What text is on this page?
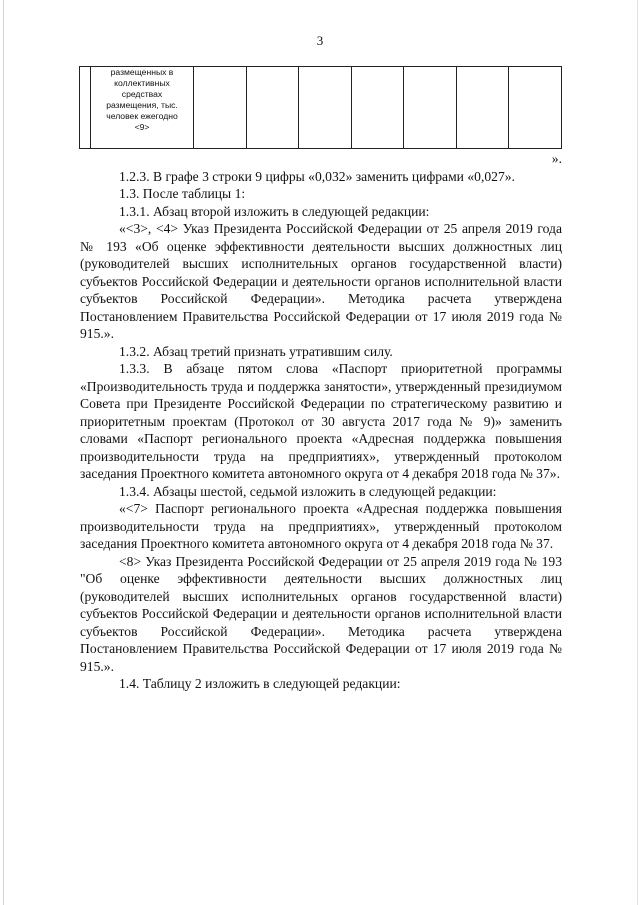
3

размещенных в
коллективных
средствах
размещения, тыс.
человек ежегодно
<9>

».

1.2.3. В графе 3 строки 9 цифры «0,032» заменить цифрами «0,027».

1.3. После таблицы 1:

1.3.1. Абзац второй изложить в следующей редакции:

«<3>, <4> Указ Президента Российской Федерации от 25 апреля 2019 года № 193 «Об оценке эффективности деятельности высших должностных лиц (руководителей высших исполнительных органов государственной власти) субъектов Российской Федерации и деятельности органов исполнительной власти субъектов Российской Федерации». Методика расчета утверждена Постановлением Правительства Российской Федерации от 17 июля 2019 года № 915.».

1.3.2. Абзац третий признать утратившим силу.

1.3.3. В абзаце пятом слова «Паспорт приоритетной программы «Производительность труда и поддержка занятости», утвержденный президиумом Совета при Президенте Российской Федерации по стратегическому развитию и приоритетным проектам (Протокол от 30 августа 2017 года № 9)» заменить словами «Паспорт регионального проекта «Адресная поддержка повышения производительности труда на предприятиях», утвержденный протоколом заседания Проектного комитета автономного округа от 4 декабря 2018 года № 37».

1.3.4. Абзацы шестой, седьмой изложить в следующей редакции:

«<7> Паспорт регионального проекта «Адресная поддержка повышения производительности труда на предприятиях», утвержденный протоколом заседания Проектного комитета автономного округа от 4 декабря 2018 года № 37.

<8> Указ Президента Российской Федерации от 25 апреля 2019 года № 193 "Об оценке эффективности деятельности высших должностных лиц (руководителей высших исполнительных органов государственной власти) субъектов Российской Федерации и деятельности органов исполнительной власти субъектов Российской Федерации». Методика расчета утверждена Постановлением Правительства Российской Федерации от 17 июля 2019 года № 915.».

1.4. Таблицу 2 изложить в следующей редакции:
